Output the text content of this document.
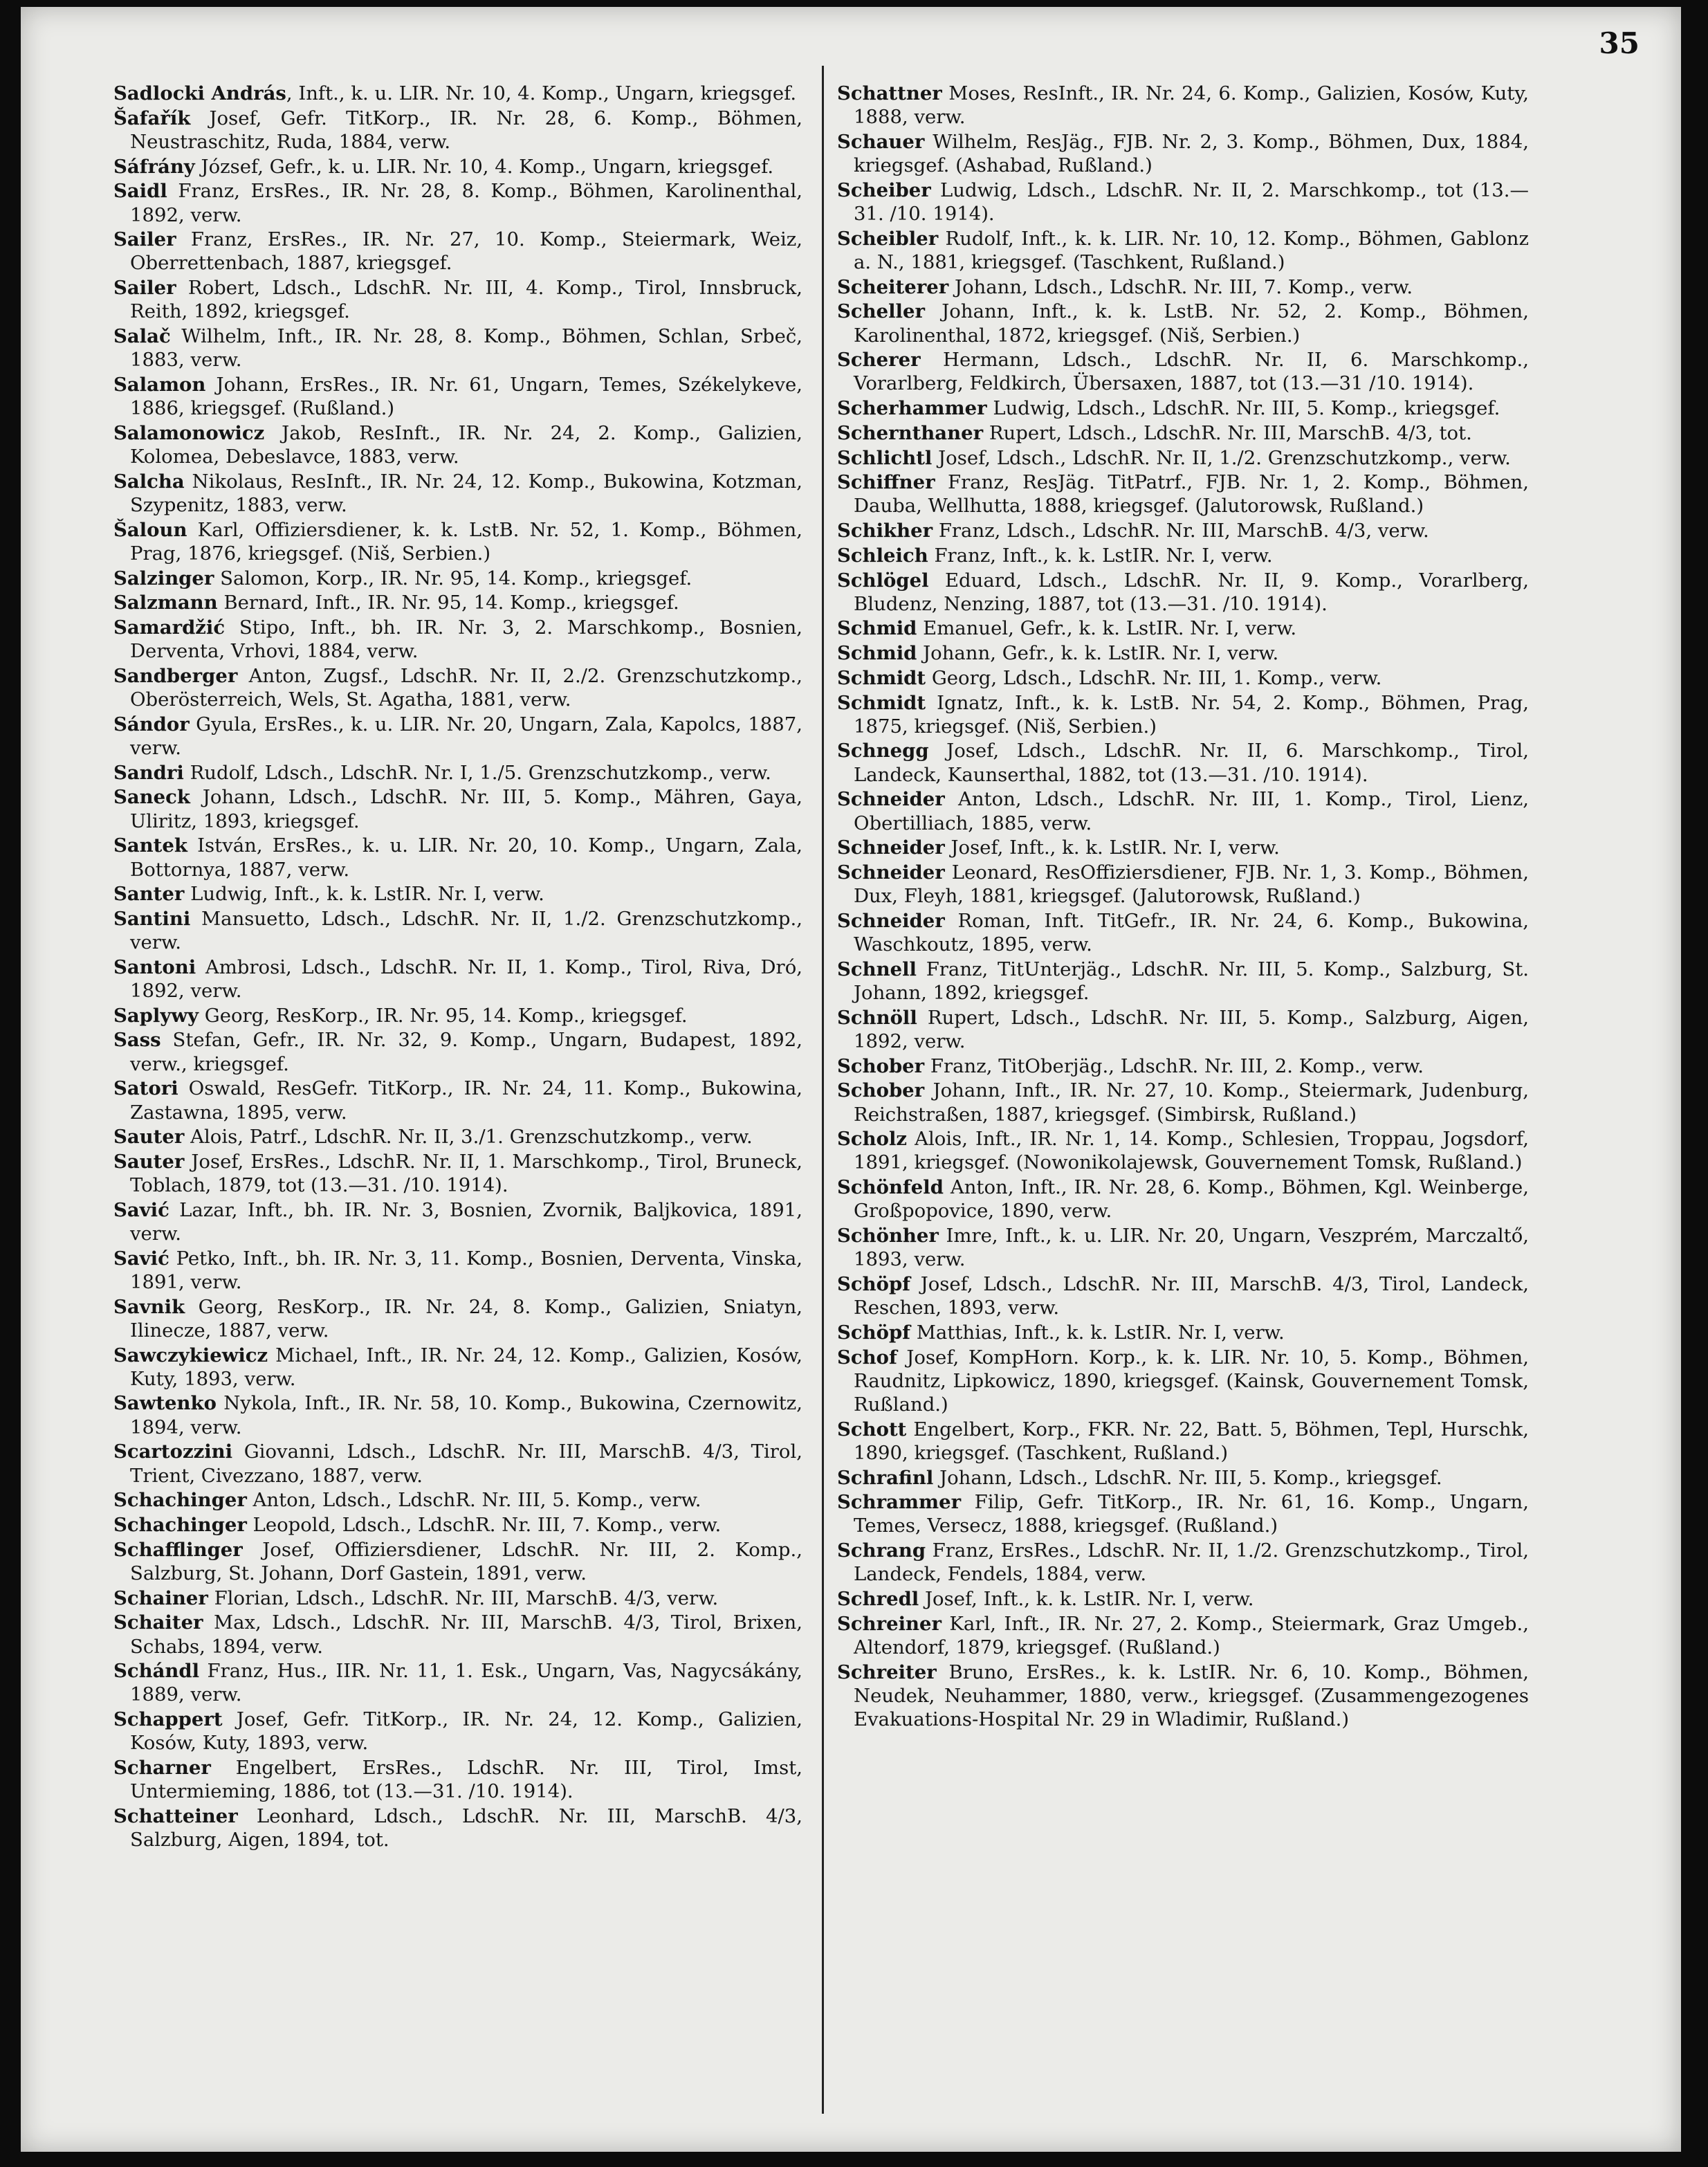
35

Sadlocki András, Inft., k. u. LIR. Nr. 10, 4. Komp., Ungarn, kriegsgef.

Šafařík Josef, Gefr. TitKorp., IR. Nr. 28, 6. Komp., Böhmen, Neustraschitz, Ruda, 1884, verw.

Sáfrány József, Gefr., k. u. LIR. Nr. 10, 4. Komp., Ungarn, kriegsgef.

Saidl Franz, ErsRes., IR. Nr. 28, 8. Komp., Böhmen, Karolinenthal, 1892, verw.

Sailer Franz, ErsRes., IR. Nr. 27, 10. Komp., Steiermark, Weiz, Oberrettenbach, 1887, kriegsgef.

Sailer Robert, Ldsch., LdschR. Nr. III, 4. Komp., Tirol, Innsbruck, Reith, 1892, kriegsgef.

Salač Wilhelm, Inft., IR. Nr. 28, 8. Komp., Böhmen, Schlan, Srbeč, 1883, verw.

Salamon Johann, ErsRes., IR. Nr. 61, Ungarn, Temes, Székelykeve, 1886, kriegsgef. (Rußland.)

Salamonowicz Jakob, ResInft., IR. Nr. 24, 2. Komp., Galizien, Kolomea, Debeslavce, 1883, verw.

Salcha Nikolaus, ResInft., IR. Nr. 24, 12. Komp., Bukowina, Kotzman, Szypenitz, 1883, verw.

Šaloun Karl, Offiziersdiener, k. k. LstB. Nr. 52, 1. Komp., Böhmen, Prag, 1876, kriegsgef. (Niš, Serbien.)

Salzinger Salomon, Korp., IR. Nr. 95, 14. Komp., kriegsgef.

Salzmann Bernard, Inft., IR. Nr. 95, 14. Komp., kriegsgef.

Samardžić Stipo, Inft., bh. IR. Nr. 3, 2. Marschkomp., Bosnien, Derventa, Vrhovi, 1884, verw.

Sandberger Anton, Zugsf., LdschR. Nr. II, 2./2. Grenzschutzkomp., Oberösterreich, Wels, St. Agatha, 1881, verw.

Sándor Gyula, ErsRes., k. u. LIR. Nr. 20, Ungarn, Zala, Kapolcs, 1887, verw.

Sandri Rudolf, Ldsch., LdschR. Nr. I, 1./5. Grenzschutzkomp., verw.

Saneck Johann, Ldsch., LdschR. Nr. III, 5. Komp., Mähren, Gaya, Uliritz, 1893, kriegsgef.

Santek István, ErsRes., k. u. LIR. Nr. 20, 10. Komp., Ungarn, Zala, Bottornya, 1887, verw.

Santer Ludwig, Inft., k. k. LstIR. Nr. I, verw.

Santini Mansuetto, Ldsch., LdschR. Nr. II, 1./2. Grenzschutzkomp., verw.

Santoni Ambrosi, Ldsch., LdschR. Nr. II, 1. Komp., Tirol, Riva, Dró, 1892, verw.

Saplywy Georg, ResKorp., IR. Nr. 95, 14. Komp., kriegsgef.

Sass Stefan, Gefr., IR. Nr. 32, 9. Komp., Ungarn, Budapest, 1892, verw., kriegsgef.

Satori Oswald, ResGefr. TitKorp., IR. Nr. 24, 11. Komp., Bukowina, Zastawna, 1895, verw.

Sauter Alois, Patrf., LdschR. Nr. II, 3./1. Grenzschutzkomp., verw.

Sauter Josef, ErsRes., LdschR. Nr. II, 1. Marschkomp., Tirol, Bruneck, Toblach, 1879, tot (13.—31. /10. 1914).

Savić Lazar, Inft., bh. IR. Nr. 3, Bosnien, Zvornik, Baljkovica, 1891, verw.

Savić Petko, Inft., bh. IR. Nr. 3, 11. Komp., Bosnien, Derventa, Vinska, 1891, verw.

Savnik Georg, ResKorp., IR. Nr. 24, 8. Komp., Galizien, Sniatyn, Ilinecze, 1887, verw.

Sawczykiewicz Michael, Inft., IR. Nr. 24, 12. Komp., Galizien, Kosów, Kuty, 1893, verw.

Sawtenko Nykola, Inft., IR. Nr. 58, 10. Komp., Bukowina, Czernowitz, 1894, verw.

Scartozzini Giovanni, Ldsch., LdschR. Nr. III, MarschB. 4/3, Tirol, Trient, Civezzano, 1887, verw.

Schachinger Anton, Ldsch., LdschR. Nr. III, 5. Komp., verw.

Schachinger Leopold, Ldsch., LdschR. Nr. III, 7. Komp., verw.

Schafflinger Josef, Offiziersdiener, LdschR. Nr. III, 2. Komp., Salzburg, St. Johann, Dorf Gastein, 1891, verw.

Schainer Florian, Ldsch., LdschR. Nr. III, MarschB. 4/3, verw.

Schaiter Max, Ldsch., LdschR. Nr. III, MarschB. 4/3, Tirol, Brixen, Schabs, 1894, verw.

Schándl Franz, Hus., IIR. Nr. 11, 1. Esk., Ungarn, Vas, Nagycsákány, 1889, verw.

Schappert Josef, Gefr. TitKorp., IR. Nr. 24, 12. Komp., Galizien, Kosów, Kuty, 1893, verw.

Scharner Engelbert, ErsRes., LdschR. Nr. III, Tirol, Imst, Untermieming, 1886, tot (13.—31. /10. 1914).

Schatteiner Leonhard, Ldsch., LdschR. Nr. III, MarschB. 4/3, Salzburg, Aigen, 1894, tot.

Schattner Moses, ResInft., IR. Nr. 24, 6. Komp., Galizien, Kosów, Kuty, 1888, verw.

Schauer Wilhelm, ResJäg., FJB. Nr. 2, 3. Komp., Böhmen, Dux, 1884, kriegsgef. (Ashabad, Rußland.)

Scheiber Ludwig, Ldsch., LdschR. Nr. II, 2. Marschkomp., tot (13.—31. /10. 1914).

Scheibler Rudolf, Inft., k. k. LIR. Nr. 10, 12. Komp., Böhmen, Gablonz a. N., 1881, kriegsgef. (Taschkent, Rußland.)

Scheiterer Johann, Ldsch., LdschR. Nr. III, 7. Komp., verw.

Scheller Johann, Inft., k. k. LstB. Nr. 52, 2. Komp., Böhmen, Karolinenthal, 1872, kriegsgef. (Niš, Serbien.)

Scherer Hermann, Ldsch., LdschR. Nr. II, 6. Marschkomp., Vorarlberg, Feldkirch, Übersaxen, 1887, tot (13.—31 /10. 1914).

Scherhammer Ludwig, Ldsch., LdschR. Nr. III, 5. Komp., kriegsgef.

Schernthaner Rupert, Ldsch., LdschR. Nr. III, MarschB. 4/3, tot.

Schlichtl Josef, Ldsch., LdschR. Nr. II, 1./2. Grenzschutzkomp., verw.

Schiffner Franz, ResJäg. TitPatrf., FJB. Nr. 1, 2. Komp., Böhmen, Dauba, Wellhutta, 1888, kriegsgef. (Jalutorowsk, Rußland.)

Schikher Franz, Ldsch., LdschR. Nr. III, MarschB. 4/3, verw.

Schleich Franz, Inft., k. k. LstIR. Nr. I, verw.

Schlögel Eduard, Ldsch., LdschR. Nr. II, 9. Komp., Vorarlberg, Bludenz, Nenzing, 1887, tot (13.—31. /10. 1914).

Schmid Emanuel, Gefr., k. k. LstIR. Nr. I, verw.

Schmid Johann, Gefr., k. k. LstIR. Nr. I, verw.

Schmidt Georg, Ldsch., LdschR. Nr. III, 1. Komp., verw.

Schmidt Ignatz, Inft., k. k. LstB. Nr. 54, 2. Komp., Böhmen, Prag, 1875, kriegsgef. (Niš, Serbien.)

Schnegg Josef, Ldsch., LdschR. Nr. II, 6. Marschkomp., Tirol, Landeck, Kaunserthal, 1882, tot (13.—31. /10. 1914).

Schneider Anton, Ldsch., LdschR. Nr. III, 1. Komp., Tirol, Lienz, Obertilliach, 1885, verw.

Schneider Josef, Inft., k. k. LstIR. Nr. I, verw.

Schneider Leonard, ResOffiziersdiener, FJB. Nr. 1, 3. Komp., Böhmen, Dux, Fleyh, 1881, kriegsgef. (Jalutorowsk, Rußland.)

Schneider Roman, Inft. TitGefr., IR. Nr. 24, 6. Komp., Bukowina, Waschkoutz, 1895, verw.

Schnell Franz, TitUnterjäg., LdschR. Nr. III, 5. Komp., Salzburg, St. Johann, 1892, kriegsgef.

Schnöll Rupert, Ldsch., LdschR. Nr. III, 5. Komp., Salzburg, Aigen, 1892, verw.

Schober Franz, TitOberjäg., LdschR. Nr. III, 2. Komp., verw.

Schober Johann, Inft., IR. Nr. 27, 10. Komp., Steiermark, Judenburg, Reichstraßen, 1887, kriegsgef. (Simbirsk, Rußland.)

Scholz Alois, Inft., IR. Nr. 1, 14. Komp., Schlesien, Troppau, Jogsdorf, 1891, kriegsgef. (Nowonikolajewsk, Gouvernement Tomsk, Rußland.)

Schönfeld Anton, Inft., IR. Nr. 28, 6. Komp., Böhmen, Kgl. Weinberge, Großpopovice, 1890, verw.

Schönher Imre, Inft., k. u. LIR. Nr. 20, Ungarn, Veszprém, Marczaltő, 1893, verw.

Schöpf Josef, Ldsch., LdschR. Nr. III, MarschB. 4/3, Tirol, Landeck, Reschen, 1893, verw.

Schöpf Matthias, Inft., k. k. LstIR. Nr. I, verw.

Schof Josef, KompHorn. Korp., k. k. LIR. Nr. 10, 5. Komp., Böhmen, Raudnitz, Lipkowicz, 1890, kriegsgef. (Kainsk, Gouvernement Tomsk, Rußland.)

Schott Engelbert, Korp., FKR. Nr. 22, Batt. 5, Böhmen, Tepl, Hurschk, 1890, kriegsgef. (Taschkent, Rußland.)

Schrafinl Johann, Ldsch., LdschR. Nr. III, 5. Komp., kriegsgef.

Schrammer Filip, Gefr. TitKorp., IR. Nr. 61, 16. Komp., Ungarn, Temes, Versecz, 1888, kriegsgef. (Rußland.)

Schrang Franz, ErsRes., LdschR. Nr. II, 1./2. Grenzschutzkomp., Tirol, Landeck, Fendels, 1884, verw.

Schredl Josef, Inft., k. k. LstIR. Nr. I, verw.

Schreiner Karl, Inft., IR. Nr. 27, 2. Komp., Steiermark, Graz Umgeb., Altendorf, 1879, kriegsgef. (Rußland.)

Schreiter Bruno, ErsRes., k. k. LstIR. Nr. 6, 10. Komp., Böhmen, Neudek, Neuhammer, 1880, verw., kriegsgef. (Zusammengezogenes Evakuations-Hospital Nr. 29 in Wladimir, Rußland.)
